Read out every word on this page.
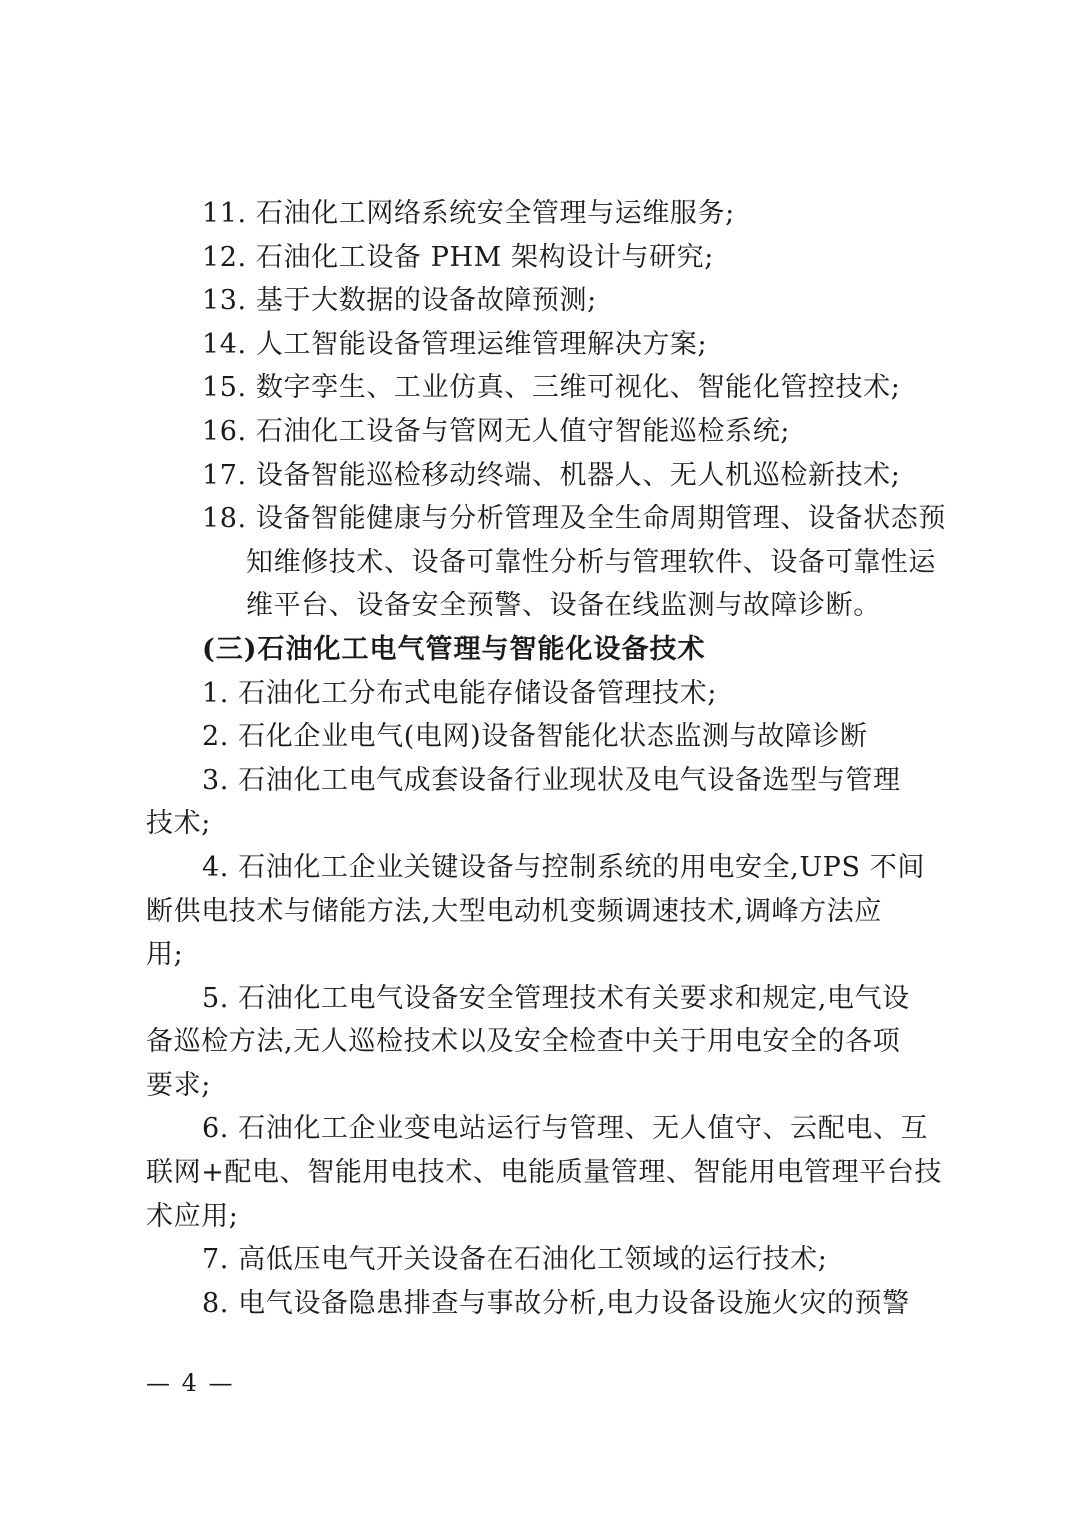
11. 石油化工网络系统安全管理与运维服务;
12. 石油化工设备 PHM 架构设计与研究;
13. 基于大数据的设备故障预测;
14. 人工智能设备管理运维管理解决方案;
15. 数字孪生、工业仿真、三维可视化、智能化管控技术;
16. 石油化工设备与管网无人值守智能巡检系统;
17. 设备智能巡检移动终端、机器人、无人机巡检新技术;
18. 设备智能健康与分析管理及全生命周期管理、设备状态预
知维修技术、设备可靠性分析与管理软件、设备可靠性运
维平台、设备安全预警、设备在线监测与故障诊断。
(三)石油化工电气管理与智能化设备技术
1. 石油化工分布式电能存储设备管理技术;
2. 石化企业电气(电网)设备智能化状态监测与故障诊断
3. 石油化工电气成套设备行业现状及电气设备选型与管理
技术;
4. 石油化工企业关键设备与控制系统的用电安全,UPS 不间
断供电技术与储能方法,大型电动机变频调速技术,调峰方法应
用;
5. 石油化工电气设备安全管理技术有关要求和规定,电气设
备巡检方法,无人巡检技术以及安全检查中关于用电安全的各项
要求;
6. 石油化工企业变电站运行与管理、无人值守、云配电、互
联网+配电、智能用电技术、电能质量管理、智能用电管理平台技
术应用;
7. 高低压电气开关设备在石油化工领域的运行技术;
8. 电气设备隐患排查与事故分析,电力设备设施火灾的预警
— 4 —
